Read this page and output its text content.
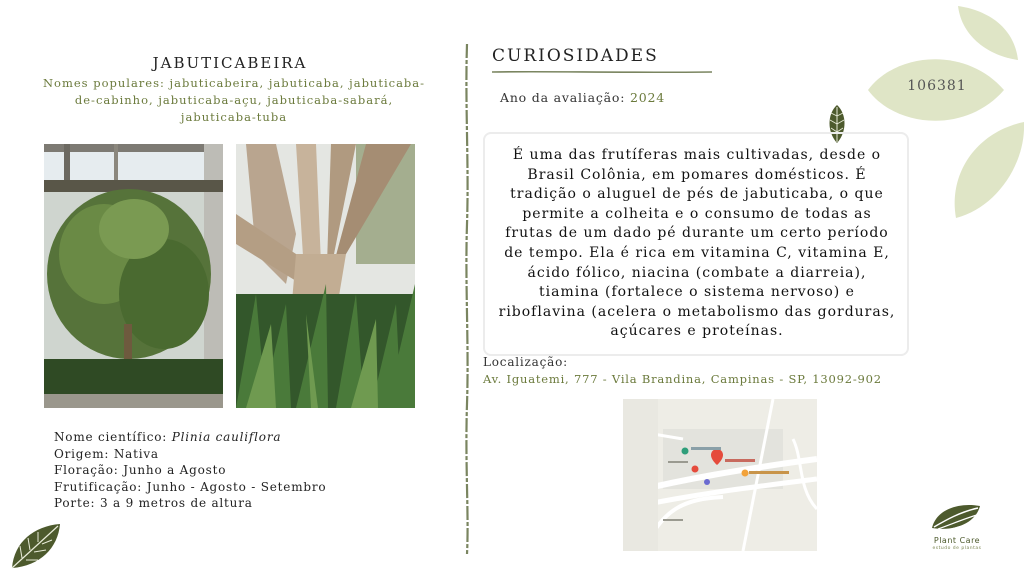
JABUTICABEIRA
Nomes populares: jabuticabeira, jabuticaba, jabuticaba-de-cabinho, jabuticaba-açu, jabuticaba-sabará, jabuticaba-tuba
Nome científico: Plinia cauliflora
Origem: Nativa
Floração: Junho a Agosto
Frutificação: Junho - Agosto - Setembro
Porte: 3 a 9 metros de altura
CURIOSIDADES
Ano da avaliação: 2024
É uma das frutíferas mais cultivadas, desde o Brasil Colônia, em pomares domésticos. É tradição o aluguel de pés de jabuticaba, o que permite a colheita e o consumo de todas as frutas de um dado pé durante um certo período de tempo. Ela é rica em vitamina C, vitamina E, ácido fólico, niacina (combate a diarreia), tiamina (fortalece o sistema nervoso) e riboflavina (acelera o metabolismo das gorduras, açúcares e proteínas.
Localização:
Av. Iguatemi, 777 - Vila Brandina, Campinas - SP, 13092-902
106381
Plant Care
estudo de plantas
